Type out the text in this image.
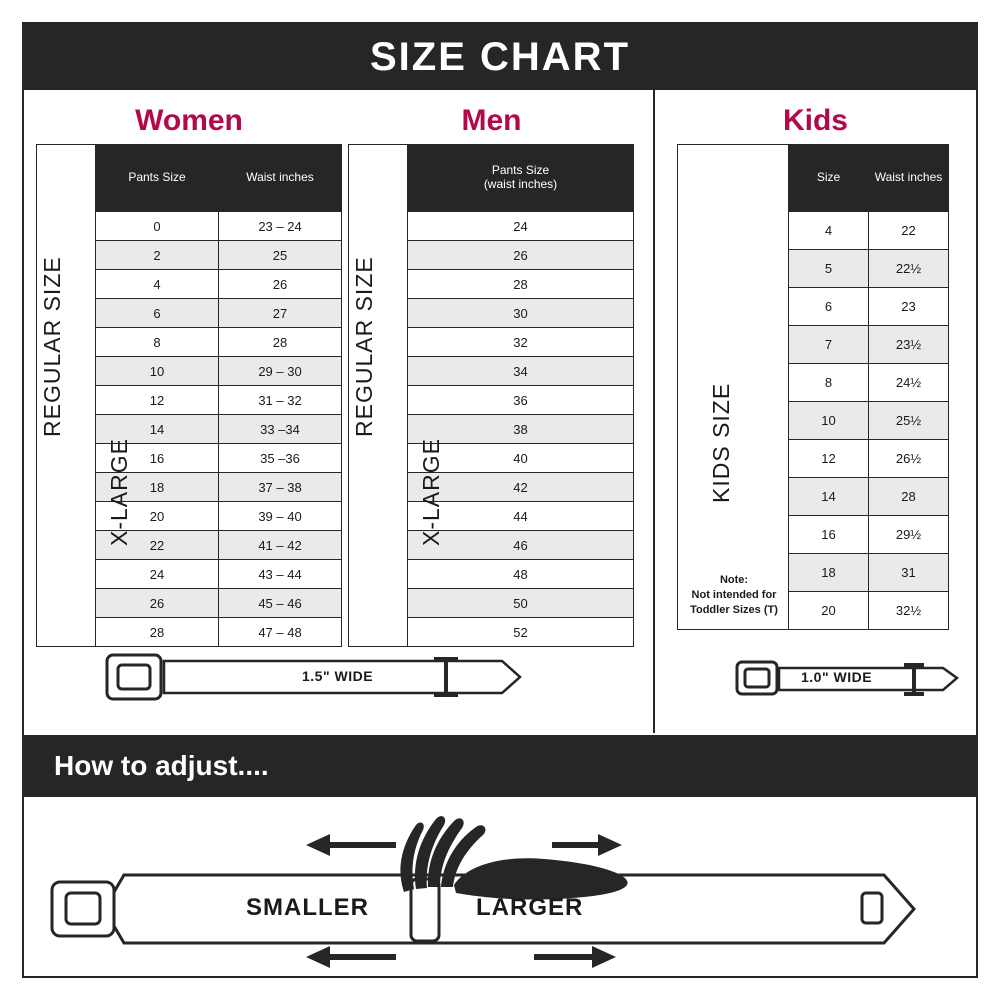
SIZE CHART
Women
REGULAR SIZE	Pants Size	Waist inches

	0	23 – 24
	2	25
	4	26
	6	27
	8	28
	10	29 – 30
	12	31 – 32
	14	33 –34
	16	35 –36
	18	37 – 38
	20	39 – 40
	22	41 – 42
	24	43 – 44
	26	45 – 46
	28	47 – 48
X-LARGE
1.5" WIDE
Men
REGULAR SIZE

Pants Size
(waist inches)

24
26
28
30
32
34
36
38
40
42
44
46
48
50
52
X-LARGE
Kids
KIDS SIZE
Note:
Not intended for
Toddler Sizes (T)	Size	Waist inches
	4	22
	5	22½
	6	23
	7	23½
	8	24½
	10	25½
	12	26½
	14	28
	16	29½
	18	31
	20	32½
1.0" WIDE
How to adjust....
SMALLER	LARGER
